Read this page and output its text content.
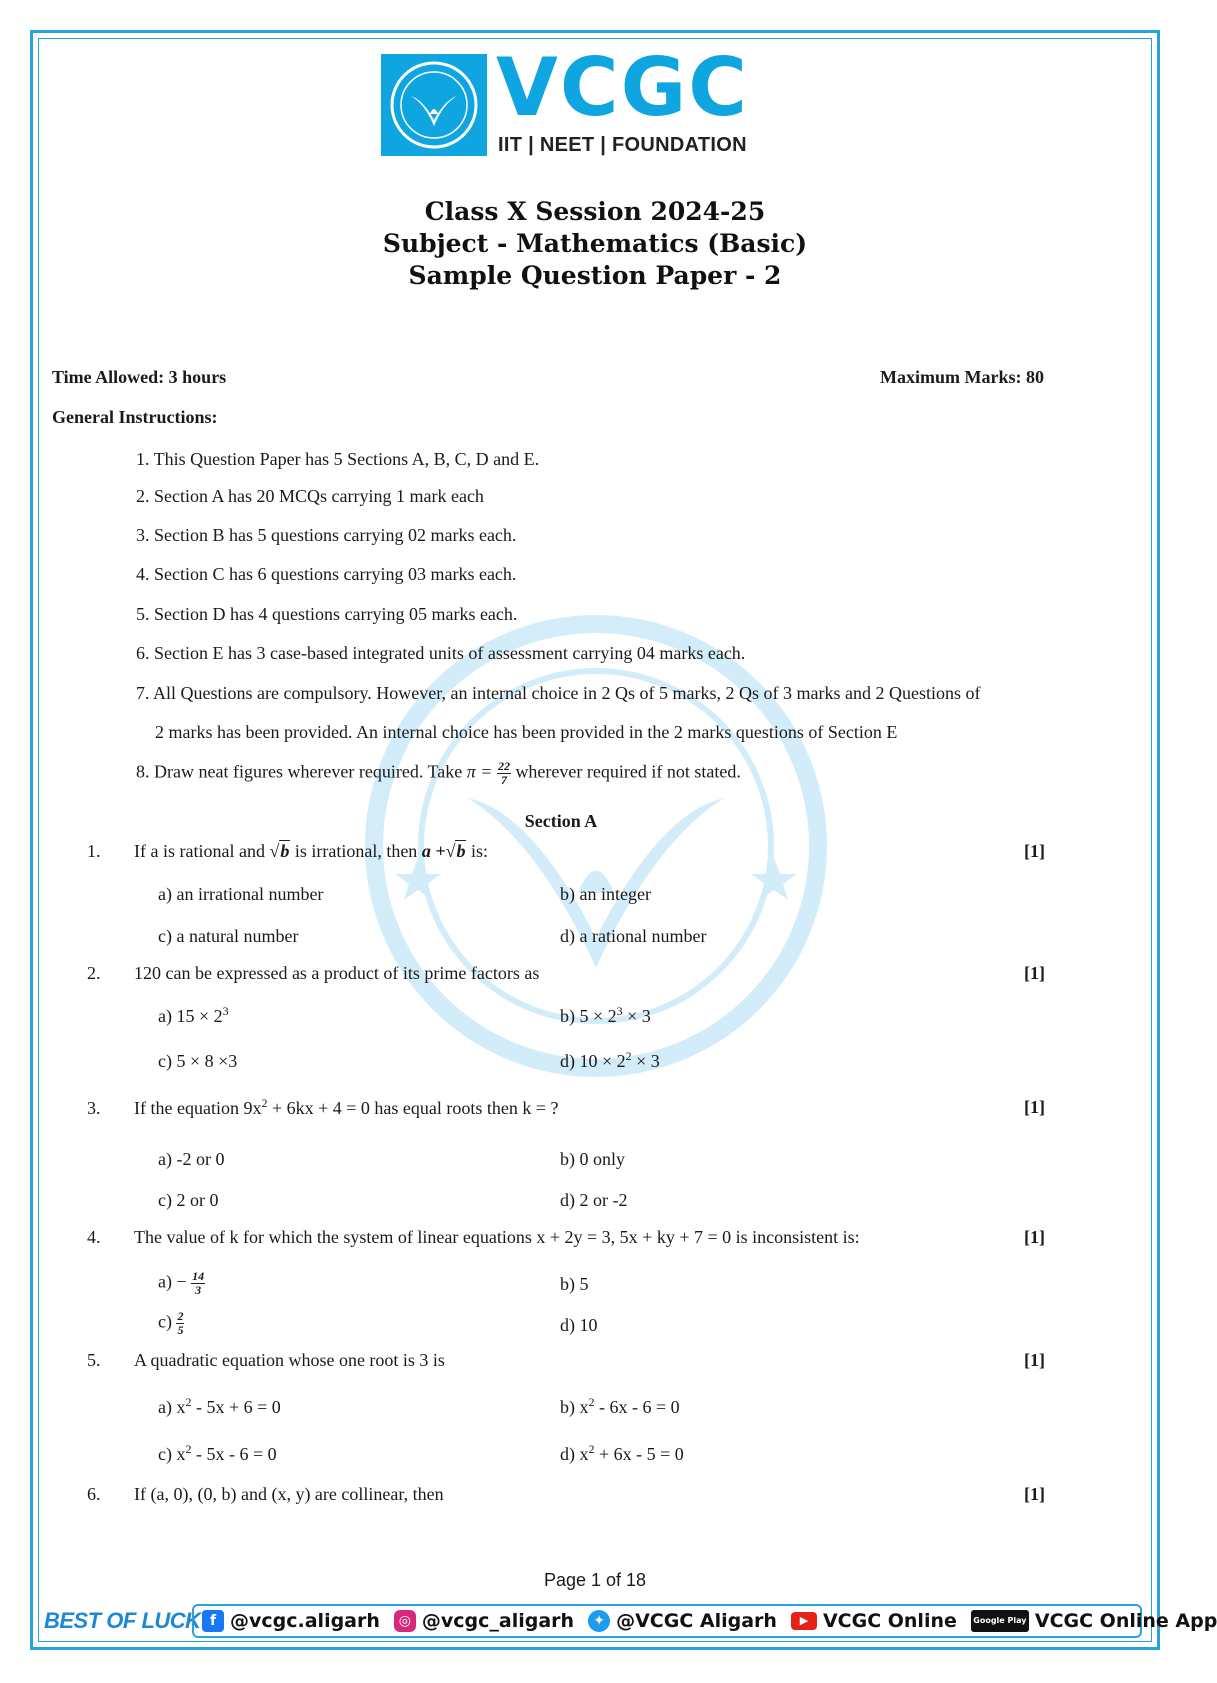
VCGC
IIT | NEET | FOUNDATION
Class X Session 2024-25
Subject - Mathematics (Basic)
Sample Question Paper - 2
Time Allowed: 3 hours	Maximum Marks: 80
General Instructions:
1. This Question Paper has 5 Sections A, B, C, D and E.
2. Section A has 20 MCQs carrying 1 mark each
3. Section B has 5 questions carrying 02 marks each.
4. Section C has 6 questions carrying 03 marks each.
5. Section D has 4 questions carrying 05 marks each.
6. Section E has 3 case-based integrated units of assessment carrying 04 marks each.
7. All Questions are compulsory. However, an internal choice in 2 Qs of 5 marks, 2 Qs of 3 marks and 2 Questions of
2 marks has been provided. An internal choice has been provided in the 2 marks questions of Section E
8. Draw neat figures wherever required. Take $\pi = \frac{22}{7}$ wherever required if not stated.
Section A
1. If a is rational and √b is irrational, then a +√b is:	[1]
a) an irrational number	b) an integer
c) a natural number	d) a rational number
2. 120 can be expressed as a product of its prime factors as	[1]
a) $15 \times 2^3$	b) $5 \times 2^3 \times 3$
c) 5 × 8 ×3	d) $10 \times 2^2 \times 3$
3. If the equation $9x^2 + 6kx + 4 = 0$ has equal roots then k = ?	[1]
a) -2 or 0	b) 0 only
c) 2 or 0	d) 2 or -2
4. The value of k for which the system of linear equations x + 2y = 3, 5x + ky + 7 = 0 is inconsistent is:	[1]
$a) - \frac{14}{3}$	b) 5
$c) \frac{2}{5}$	d) 10
5. A quadratic equation whose one root is 3 is	[1]
a) $x^2 - 5x + 6 = 0$	b) $x^2 - 6x - 6 = 0$
c) $x^2 - 5x - 6 = 0$	d) $x^2 + 6x - 5 = 0$
6. If (a, 0), (0, b) and (x, y) are collinear, then	[1]
Page 1 of 18
BEST OF LUCK f @vcgc.aligarh	◎ @vcgc_aligarh	✦ @VCGC Aligarh	▶ VCGC Online Google Play VCGC Online App
